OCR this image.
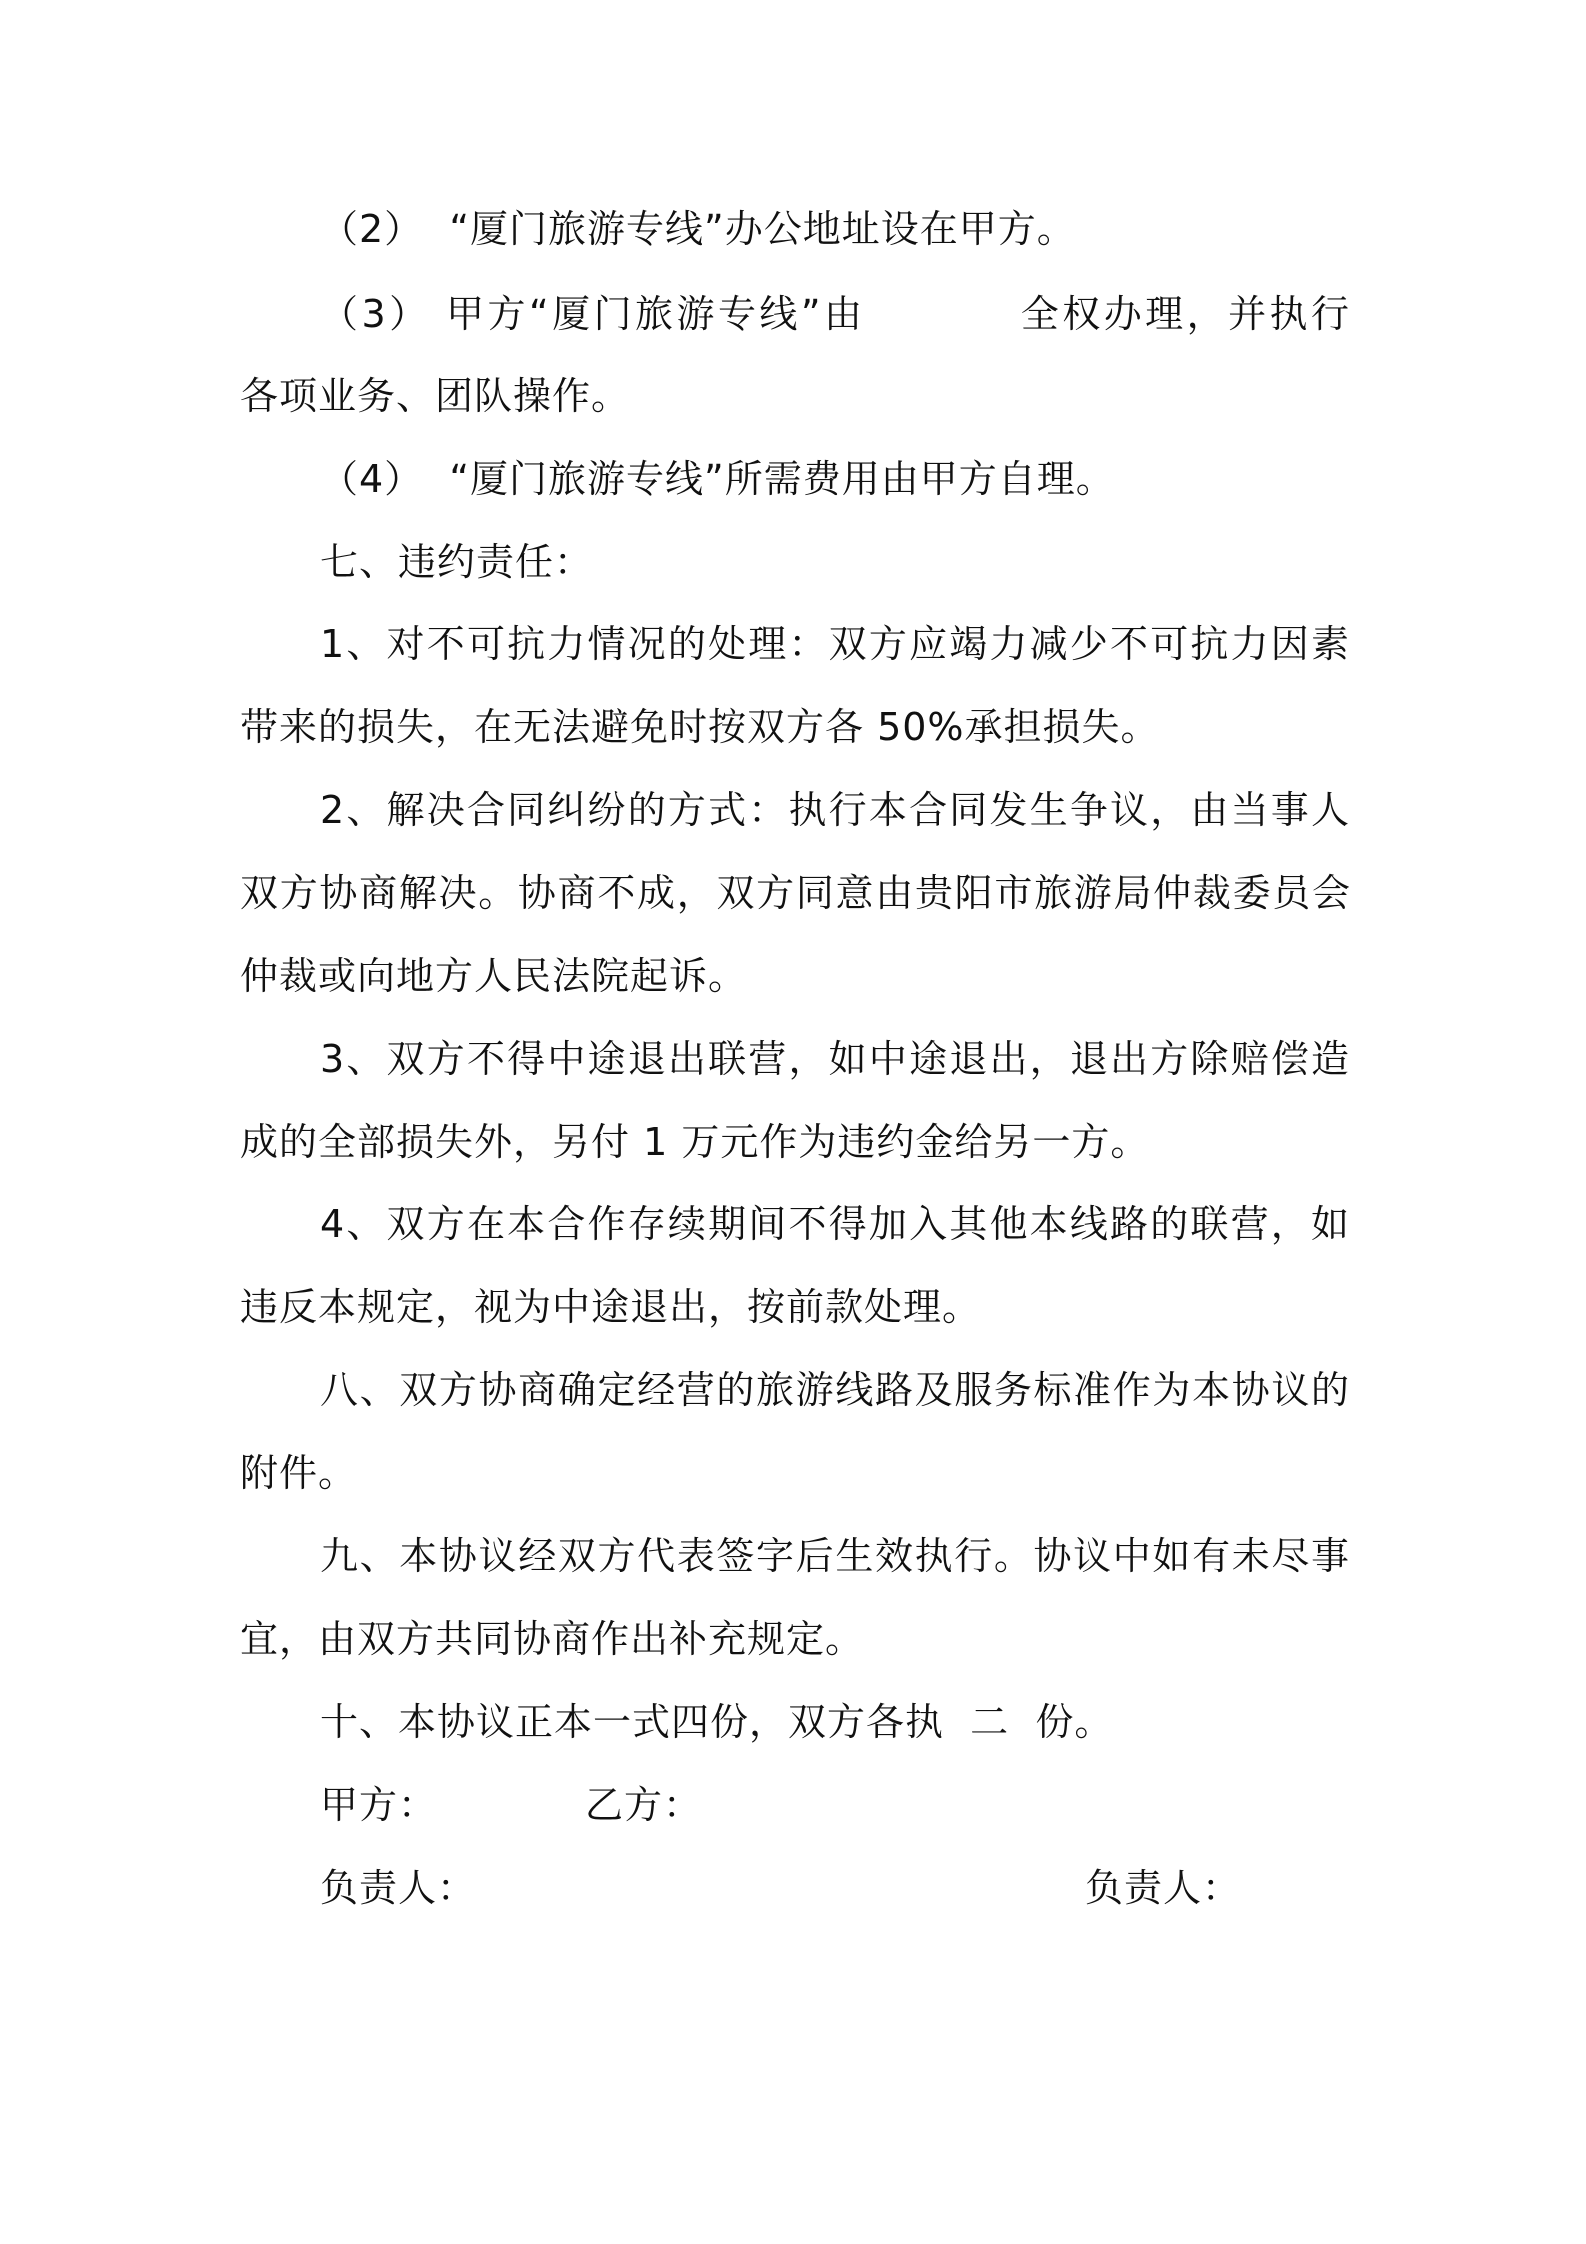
（2）  “厦门旅游专线”办公地址设在甲方。
（3） 甲方“厦门旅游专线”由          全权办理，并执行
各项业务、团队操作。
（4）  “厦门旅游专线”所需费用由甲方自理。
七、违约责任：
1、对不可抗力情况的处理：双方应竭力减少不可抗力因素
带来的损失，在无法避免时按双方各 50%承担损失。
2、解决合同纠纷的方式：执行本合同发生争议，由当事人
双方协商解决。协商不成，双方同意由贵阳市旅游局仲裁委员会
仲裁或向地方人民法院起诉。
3、双方不得中途退出联营，如中途退出，退出方除赔偿造
成的全部损失外，另付 1 万元作为违约金给另一方。
4、双方在本合作存续期间不得加入其他本线路的联营，如
违反本规定，视为中途退出，按前款处理。
八、双方协商确定经营的旅游线路及服务标准作为本协议的
附件。
九、本协议经双方代表签字后生效执行。协议中如有未尽事
宜，由双方共同协商作出补充规定。
十、本协议正本一式四份，双方各执  二  份。
甲方：	乙方：
负责人：	负责人：
